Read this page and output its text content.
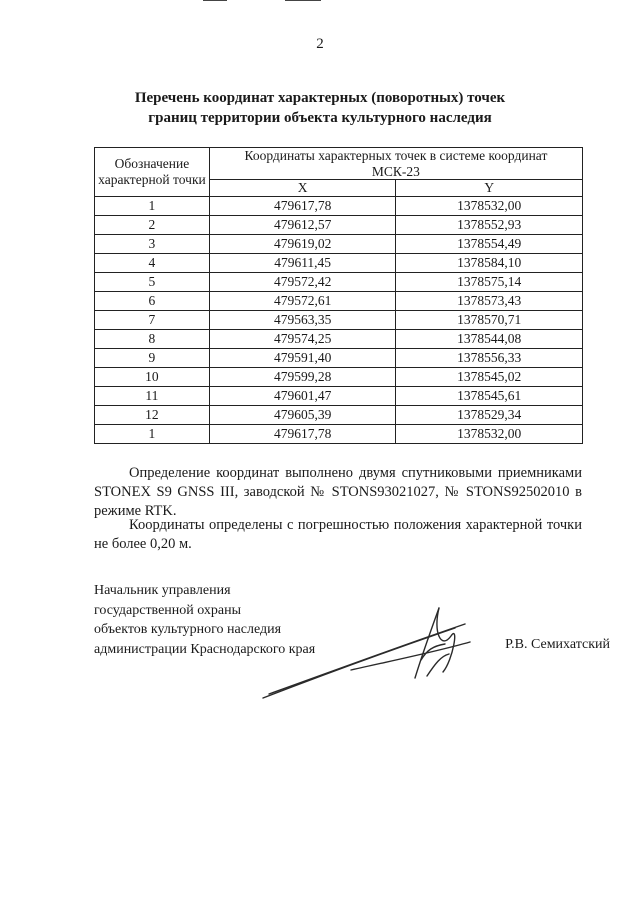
2
Перечень координат характерных (поворотных) точек
границ территории объекта культурного наследия
Обозначение характерной точки	Координаты характерных точек в системе координат
МСК-23	

	X	Y
1	479617,78	1378532,00
2	479612,57	1378552,93
3	479619,02	1378554,49
4	479611,45	1378584,10
5	479572,42	1378575,14
6	479572,61	1378573,43
7	479563,35	1378570,71
8	479574,25	1378544,08
9	479591,40	1378556,33
10	479599,28	1378545,02
11	479601,47	1378545,61
12	479605,39	1378529,34
1	479617,78	1378532,00
Определение координат выполнено двумя спутниковыми приемниками STONEX S9 GNSS III, заводской № STONS93021027, № STONS92502010 в режиме RTK.
Координаты определены с погрешностью положения характерной точки не более 0,20 м.
Начальник управления
государственной охраны
объектов культурного наследия
администрации Краснодарского края	Р.В. Семихатский
